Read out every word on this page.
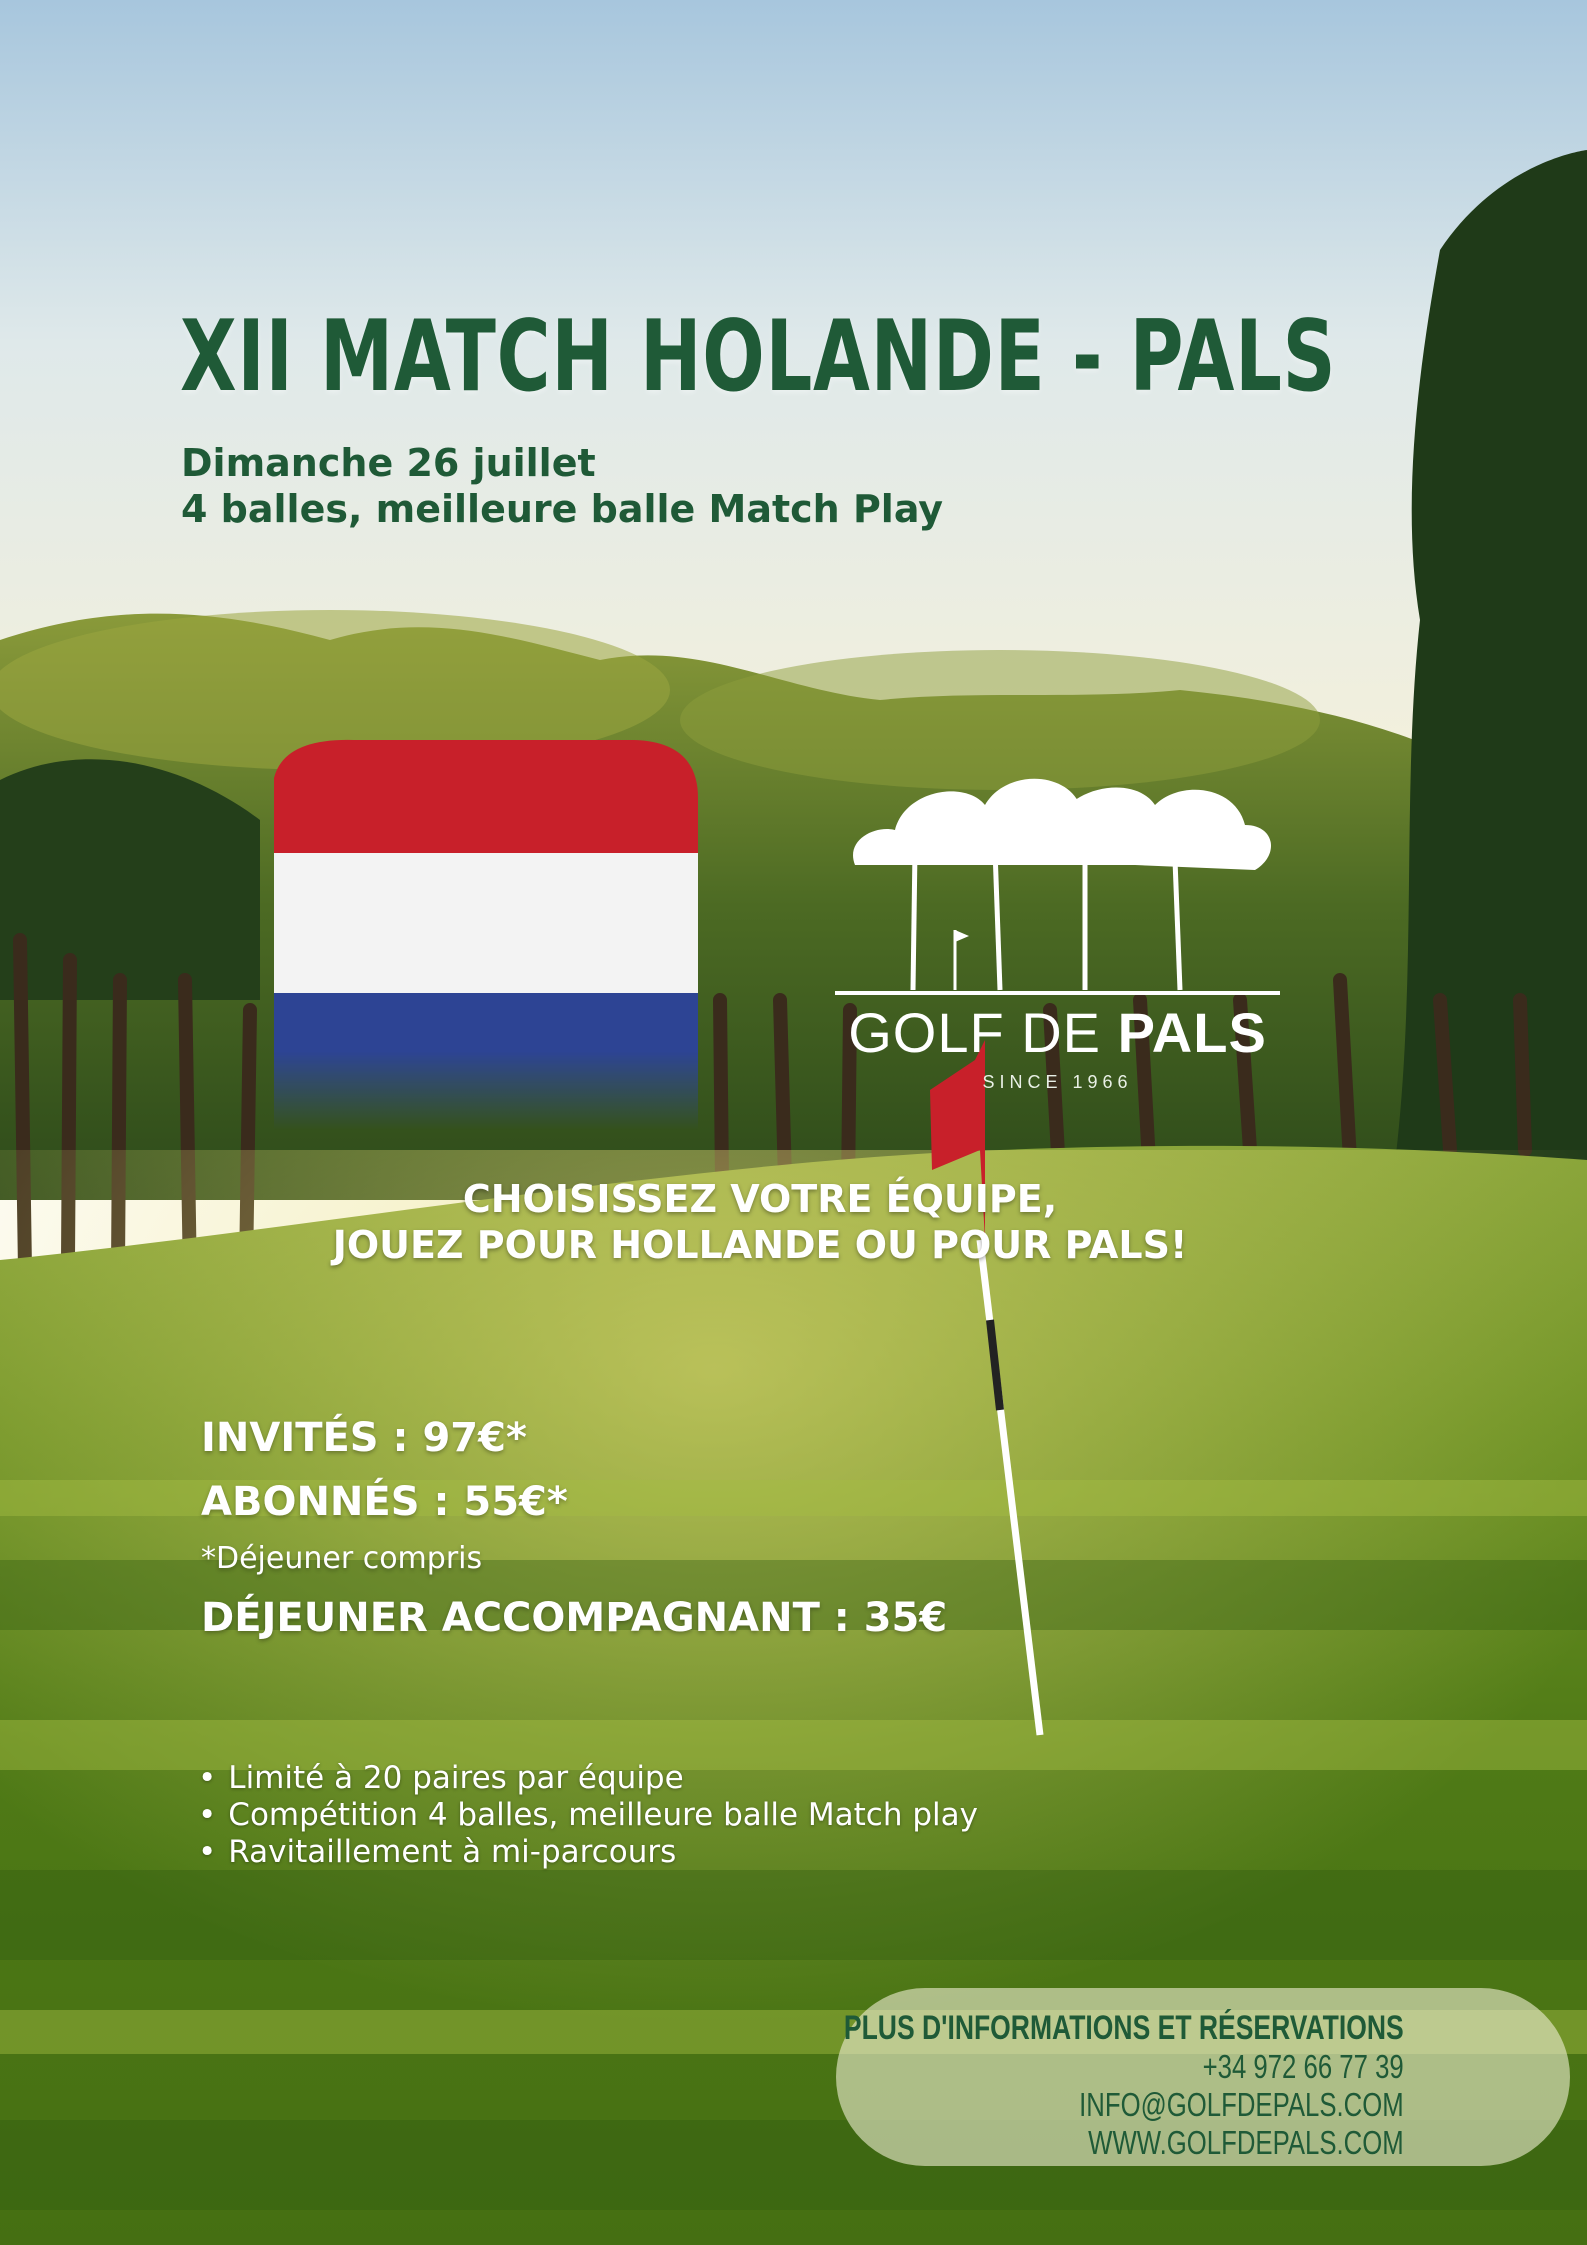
XII MATCH HOLANDE - PALS
Dimanche 26 juillet
4 balles, meilleure balle Match Play
GOLF DE PALS
SINCE 1966
CHOISISSEZ VOTRE ÉQUIPE,
JOUEZ POUR HOLLANDE OU POUR PALS!
INVITÉS : 97€*
ABONNÉS : 55€*
*Déjeuner compris
DÉJEUNER ACCOMPAGNANT : 35€
• Limité à 20 paires par équipe
• Compétition 4 balles, meilleure balle Match play
• Ravitaillement à mi-parcours
PLUS D'INFORMATIONS ET RÉSERVATIONS
+34 972 66 77 39
INFO@GOLFDEPALS.COM
WWW.GOLFDEPALS.COM
